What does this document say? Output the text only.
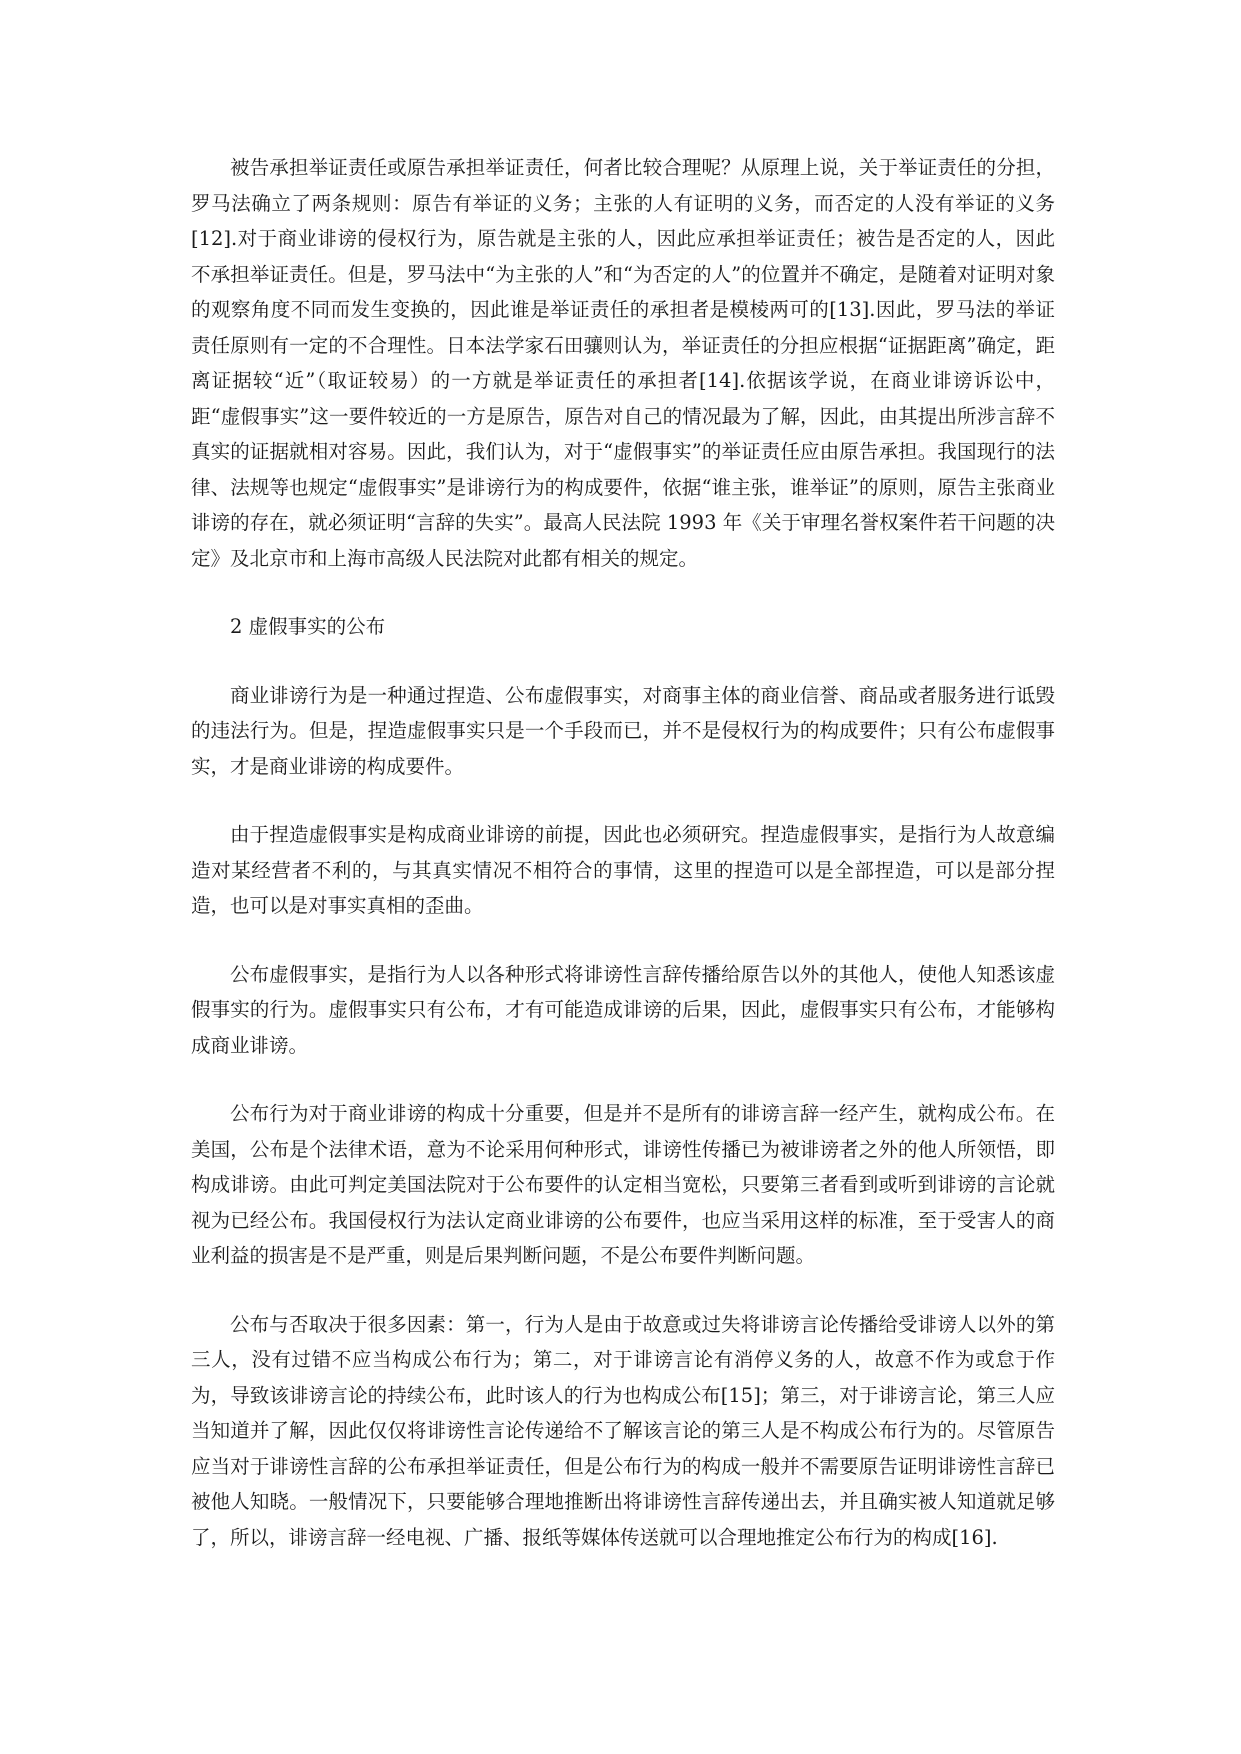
被告承担举证责任或原告承担举证责任，何者比较合理呢？从原理上说，关于举证责任的分担，罗马法确立了两条规则：原告有举证的义务；主张的人有证明的义务，而否定的人没有举证的义务[12].对于商业诽谤的侵权行为，原告就是主张的人，因此应承担举证责任；被告是否定的人，因此不承担举证责任。但是，罗马法中“为主张的人”和“为否定的人”的位置并不确定，是随着对证明对象的观察角度不同而发生变换的，因此谁是举证责任的承担者是模棱两可的[13].因此，罗马法的举证责任原则有一定的不合理性。日本法学家石田骧则认为，举证责任的分担应根据“证据距离”确定，距离证据较“近”（取证较易）的一方就是举证责任的承担者[14].依据该学说，在商业诽谤诉讼中，距“虚假事实”这一要件较近的一方是原告，原告对自己的情况最为了解，因此，由其提出所涉言辞不真实的证据就相对容易。因此，我们认为，对于“虚假事实”的举证责任应由原告承担。我国现行的法律、法规等也规定“虚假事实”是诽谤行为的构成要件，依据“谁主张，谁举证”的原则，原告主张商业诽谤的存在，就必须证明“言辞的失实”。最高人民法院 1993 年《关于审理名誉权案件若干问题的决定》及北京市和上海市高级人民法院对此都有相关的规定。

2 虚假事实的公布

商业诽谤行为是一种通过捏造、公布虚假事实，对商事主体的商业信誉、商品或者服务进行诋毁的违法行为。但是，捏造虚假事实只是一个手段而已，并不是侵权行为的构成要件；只有公布虚假事实，才是商业诽谤的构成要件。

由于捏造虚假事实是构成商业诽谤的前提，因此也必须研究。捏造虚假事实，是指行为人故意编造对某经营者不利的，与其真实情况不相符合的事情，这里的捏造可以是全部捏造，可以是部分捏造，也可以是对事实真相的歪曲。

公布虚假事实，是指行为人以各种形式将诽谤性言辞传播给原告以外的其他人，使他人知悉该虚假事实的行为。虚假事实只有公布，才有可能造成诽谤的后果，因此，虚假事实只有公布，才能够构成商业诽谤。

公布行为对于商业诽谤的构成十分重要，但是并不是所有的诽谤言辞一经产生，就构成公布。在美国，公布是个法律术语，意为不论采用何种形式，诽谤性传播已为被诽谤者之外的他人所领悟，即构成诽谤。由此可判定美国法院对于公布要件的认定相当宽松，只要第三者看到或听到诽谤的言论就视为已经公布。我国侵权行为法认定商业诽谤的公布要件，也应当采用这样的标准，至于受害人的商业利益的损害是不是严重，则是后果判断问题，不是公布要件判断问题。

公布与否取决于很多因素：第一，行为人是由于故意或过失将诽谤言论传播给受诽谤人以外的第三人，没有过错不应当构成公布行为；第二，对于诽谤言论有消停义务的人，故意不作为或怠于作为，导致该诽谤言论的持续公布，此时该人的行为也构成公布[15]；第三，对于诽谤言论，第三人应当知道并了解，因此仅仅将诽谤性言论传递给不了解该言论的第三人是不构成公布行为的。尽管原告应当对于诽谤性言辞的公布承担举证责任，但是公布行为的构成一般并不需要原告证明诽谤性言辞已被他人知晓。一般情况下，只要能够合理地推断出将诽谤性言辞传递出去，并且确实被人知道就足够了，所以，诽谤言辞一经电视、广播、报纸等媒体传送就可以合理地推定公布行为的构成[16].
